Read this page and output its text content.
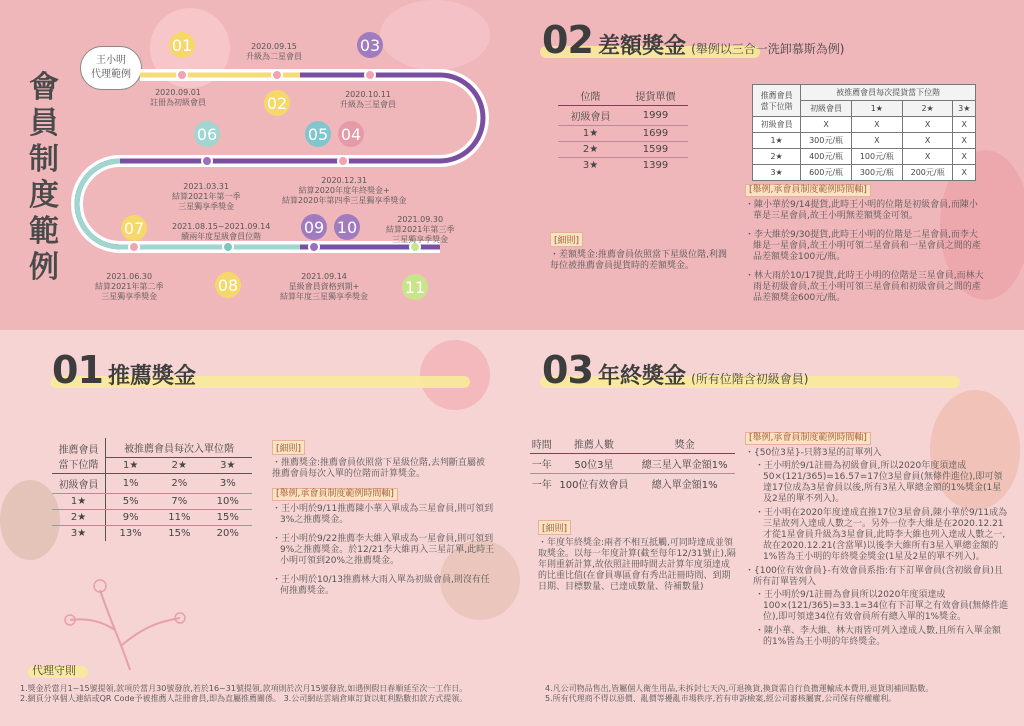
會
員
制
度
範
例
王小明
代理範例
01
02
03
04
05
06
07
08
09 10
11
2020.09.01
註冊為初級會員
2020.09.15
升級為二星會員
2020.10.11
升級為三星會員
2020.12.31
結算2020年度年終獎金+
結算2020年第四季三星獨享季獎金
2021.03.31
結算2021年第一季
三星獨享季獎金
2021.08.15~2021.09.14
續兩年度星級會員位階
2021.06.30
結算2021年第二季
三星獨享季獎金
2021.09.30
結算2021年第三季
三星獨享季獎金
2021.09.14
星級會員資格到期+
結算年度三星獨享季獎金
02 差額獎金 (舉例以三合一洗卸慕斯為例)
位階	提貨單價
初級會員	1999
1★	1699
2★	1599
3★	1399
推薦會員
當下位階	被推薦會員每次提貨當下位階			
	初級會員	1★	2★	3★
初級會員	X	X	X	X
1★	300元/瓶	X	X	X
2★	400元/瓶	100元/瓶	X	X
3★	600元/瓶	300元/瓶	200元/瓶	X
[細則]
・差額獎金:推薦會員依照當下星級位階,利潤每位被推薦會員提貨時的差額獎金。
[舉例,承會員制度範例時間軸]

・陳小華於9/14提貨,此時王小明的位階是初級會員,而陳小華是三星會員,故王小明無差額獎金可領。

・李大維於9/30提貨,此時王小明的位階是二星會員,而李大維是一星會員,故王小明可領二星會員和一星會員之間的產品差額獎金100元/瓶。

・林大雨於10/17提貨,此時王小明的位階是三星會員,而林大雨是初級會員,故王小明可領三星會員和初級會員之間的產品差額獎金600元/瓶。

01 推薦獎金
推薦會員
當下位階	被推薦會員每次入單位階		
	1★	2★	3★
初級會員	1%	2%	3%
1★	5%	7%	10%
2★	9%	11%	15%
3★	13%	15%	20%
[細則]
・推薦獎金:推薦會員依照當下星級位階,去判斷直屬被推薦會員每次入單的位階而計算獎金。
[舉例,承會員制度範例時間軸]

・王小明於9/11推薦陳小華入單成為三星會員,則可領到3%之推薦獎金。

・王小明於9/22推薦李大維入單成為一星會員,則可領到9%之推薦獎金。於12/21李大維再入三星訂單,此時王小明可領到20%之推薦獎金。

・王小明於10/13推薦林大雨入單為初級會員,則沒有任何推薦獎金。

03 年終獎金 (所有位階含初級會員)
時間	推薦人數	獎金
一年	50位3星	總三星入單金額1%
一年	100位有效會員	總入單金額1%
[細則]
・年度年終獎金:兩者不相互抵觸,可同時達成並領取獎金。以每一年度計算(截至每年12/31號止),隔年則重新計算,故依照註冊時間去計算年度須達成的比重比值(在會員專區會有秀出註冊時間、到期日期、目標數量、已達成數量、待補數量)
[舉例,承會員制度範例時間軸]

・{50位3星}-只將3星的訂單列入

・王小明於9/1註冊為初級會員,所以2020年度須達成50×(121/365)=16.57=17位3星會員(無條件進位),即可領達17位成為3星會員以後,所有3星入單總金額的1%獎金(1星及2星的單不列入)。

・王小明在2020年度達成直推17位3星會員,陳小華於9/11成為三星故列入達成人數之一。另外一位李大維是在2020.12.21才從1星會員升級為3星會員,此時李大維也列入達成人數之一,故在2020.12.21(含當單)以後李大維所有3星入單總金額的1%皆為王小明的年終獎金獎金(1星及2星的單不列入)。

・{100位有效會員}-有效會員系指:有下訂單會員(含初級會員)且所有訂單皆列入

・王小明於9/1註冊為會員所以2020年度須達成100×(121/365)=33.1=34位有下訂單之有效會員(無條件進位),即可領達34位有效會員所有總入單的1%獎金。

・陳小華、李大維、林大雨皆可列入達成人數,且所有入單金額的1%皆為王小明的年終獎金。

代理守則
1.獎金於當月1~15號提領,款項於當月30號發放,若於16~31號提領,款項則於次月15號發放,如遇例假日春順延至次一工作日。
2.網頁分享個人連結或QR Code予被推薦人註冊會員,即為直屬推薦關係。 3.公司網站雲端倉庫訂貨以虹利點數扣款方式提領。
4.凡公司物品售出,皆屬個人衛生用品,未拆封七天內,可退換貨,換貨需自行負擔運輸成本費用,退貨則補回點數。
5.所有代理商不得以惡價、亂價等擾亂市場秩序,若有申訴檢案,經公司審核屬實,公司保有停權權利。
